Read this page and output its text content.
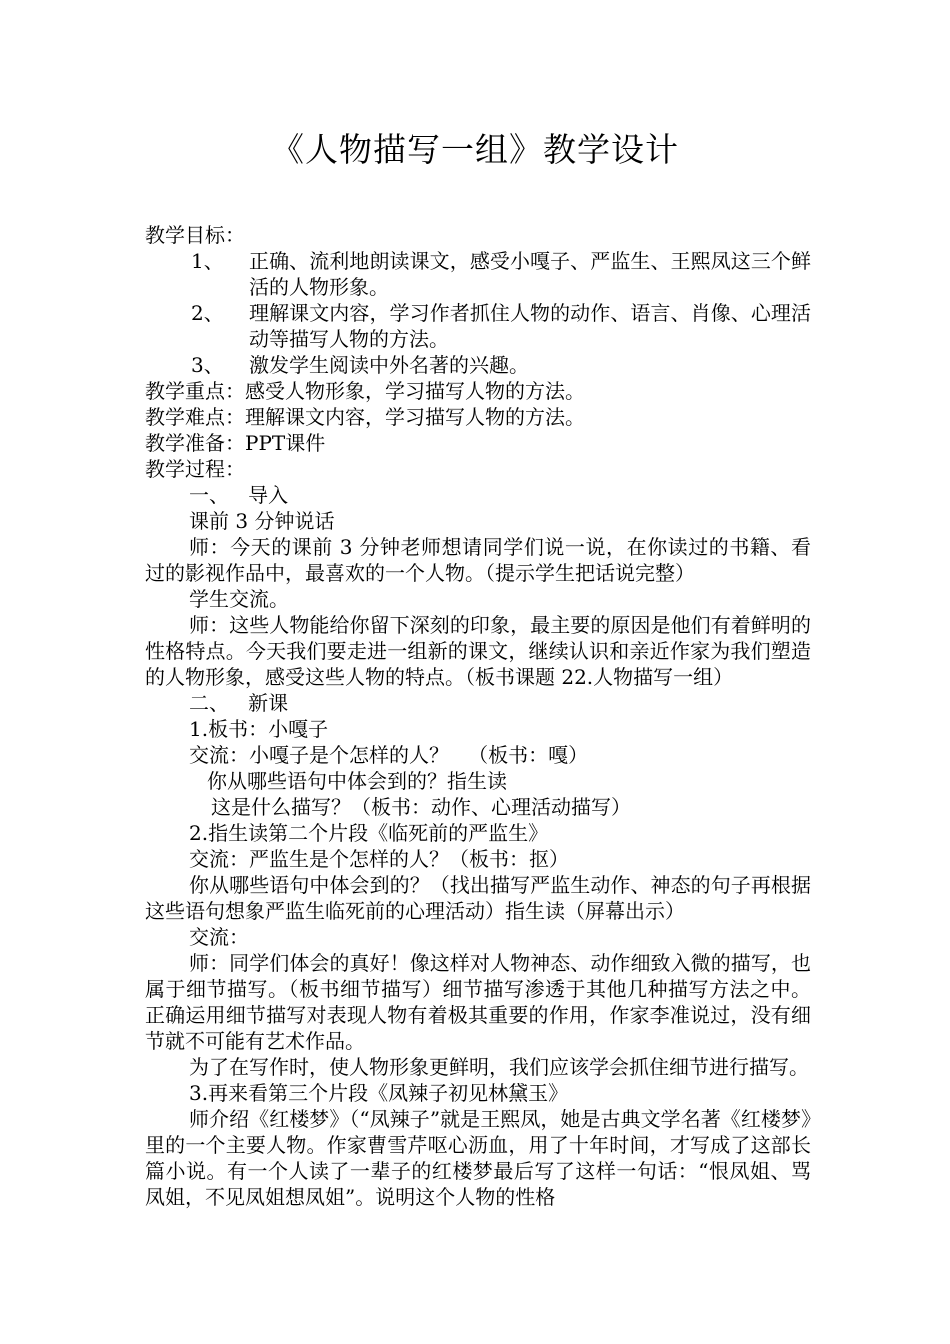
《人物描写一组》教学设计
教学目标：
1、	正确、流利地朗读课文，感受小嘎子、严监生、王熙凤这三个鲜活的人物形象。
2、	理解课文内容，学习作者抓住人物的动作、语言、肖像、心理活动等描写人物的方法。
3、	激发学生阅读中外名著的兴趣。
教学重点：感受人物形象，学习描写人物的方法。
教学难点：理解课文内容，学习描写人物的方法。
教学准备：PPT课件
教学过程：
一、   导入
课前 3 分钟说话
师：今天的课前 3 分钟老师想请同学们说一说，在你读过的书籍、看过的影视作品中，最喜欢的一个人物。（提示学生把话说完整）
学生交流。
师：这些人物能给你留下深刻的印象，最主要的原因是他们有着鲜明的性格特点。今天我们要走进一组新的课文，继续认识和亲近作家为我们塑造的人物形象，感受这些人物的特点。（板书课题 22.人物描写一组）
二、   新课
1.板书：小嘎子
交流：小嘎子是个怎样的人？   （板书：嘎）
你从哪些语句中体会到的？指生读
这是什么描写？（板书：动作、心理活动描写）
2.指生读第二个片段《临死前的严监生》
交流：严监生是个怎样的人？（板书：抠）
你从哪些语句中体会到的？（找出描写严监生动作、神态的句子再根据这些语句想象严监生临死前的心理活动）指生读（屏幕出示）
交流：
师：同学们体会的真好！像这样对人物神态、动作细致入微的描写，也属于细节描写。（板书细节描写）细节描写渗透于其他几种描写方法之中。正确运用细节描写对表现人物有着极其重要的作用，作家李准说过，没有细节就不可能有艺术作品。
为了在写作时，使人物形象更鲜明，我们应该学会抓住细节进行描写。
3.再来看第三个片段《凤辣子初见林黛玉》
师介绍《红楼梦》（“凤辣子”就是王熙凤，她是古典文学名著《红楼梦》里的一个主要人物。作家曹雪芹呕心沥血，用了十年时间，才写成了这部长篇小说。有一个人读了一辈子的红楼梦最后写了这样一句话：“恨凤姐、骂凤姐，不见凤姐想凤姐”。说明这个人物的性格
